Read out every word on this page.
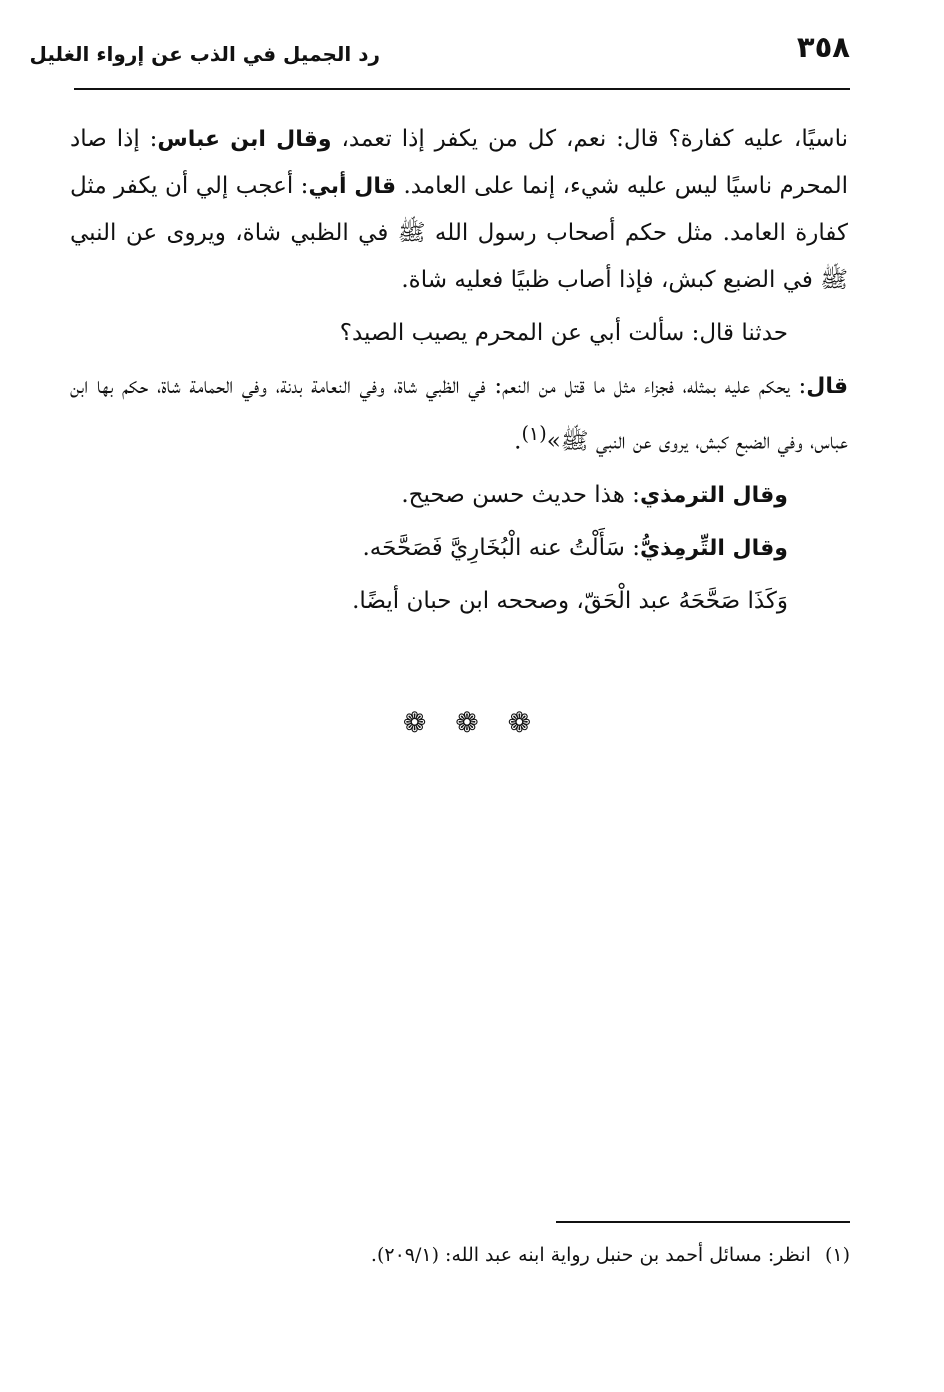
٣٥٨
رد الجميل في الذب عن إرواء الغليل

ناسيًا، عليه كفارة؟ قال: نعم، كل من يكفر إذا تعمد، وقال ابن عباس: إذا صاد المحرم ناسيًا ليس عليه شيء، إنما على العامد. قال أبي: أعجب إلي أن يكفر مثل كفارة العامد. مثل حكم أصحاب رسول الله ﷺ في الظبي شاة، ويروى عن النبي ﷺ في الضبع كبش، فإذا أصاب ظبيًا فعليه شاة.

حدثنا قال: سألت أبي عن المحرم يصيب الصيد؟

قال: يحكم عليه بمثله، فجزاء مثل ما قتل من النعم: في الظبي شاة، وفي النعامة بدنة، وفي الحمامة شاة، حكم بها ابن عباس، وفي الضبع كبش، يروى عن النبي ﷺ»$^{(١)}$.

وقال الترمذي: هذا حديث حسن صحيح.

وقال التِّرمِذيُّ: سَأَلْتُ عنه الْبُخَارِيَّ فَصَحَّحَه.

وَكَذَا صَحَّحَهُ عبد الْحَقّ، وصححه ابن حبان أيضًا.

❁ ❁ ❁
(١)انظر: مسائل أحمد بن حنبل رواية ابنه عبد الله: (٢٠٩/١).
